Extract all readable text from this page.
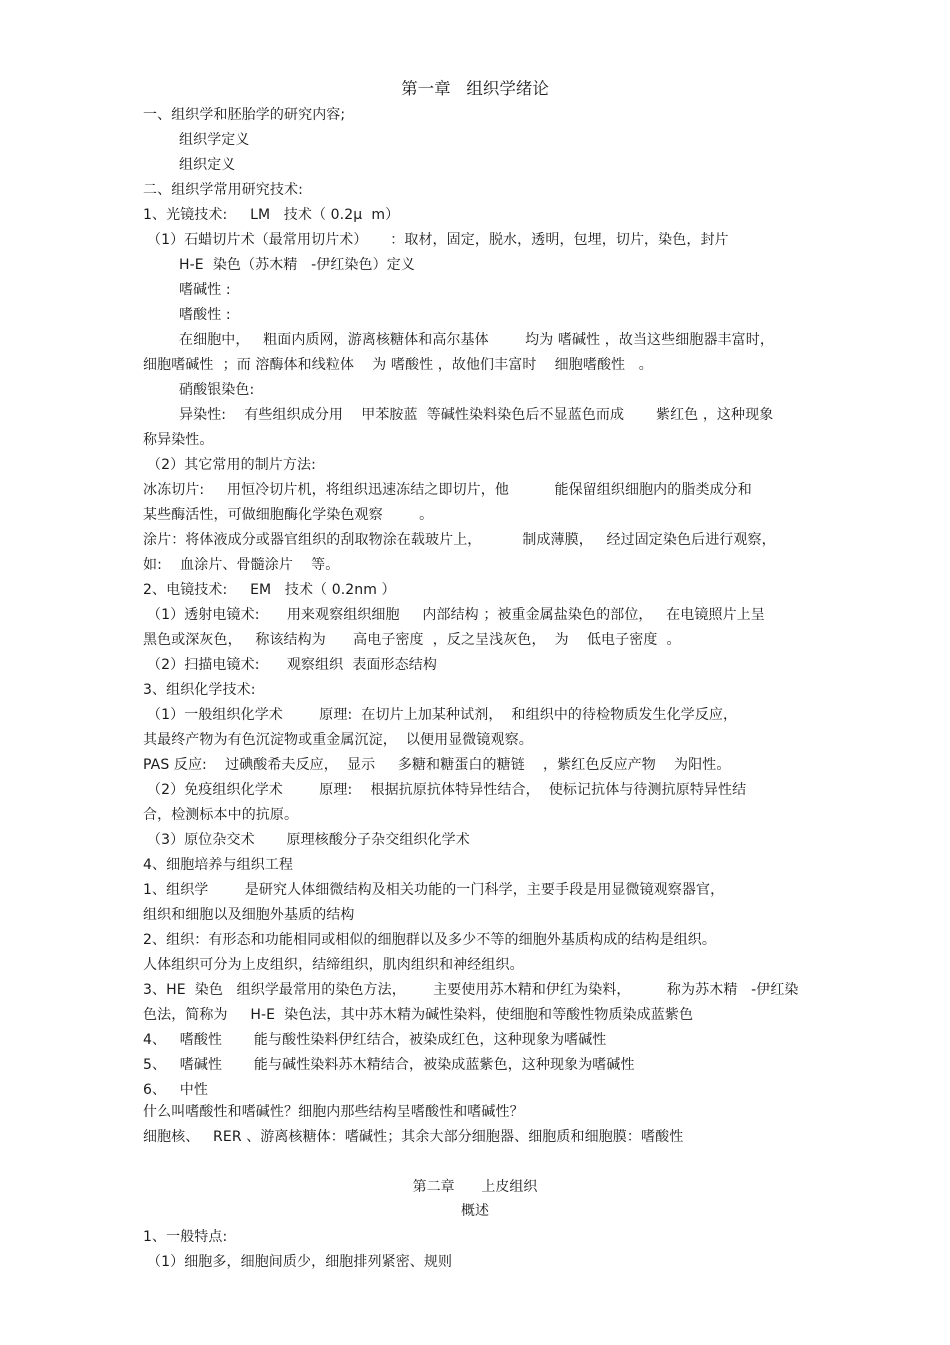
第一章   组织学绪论
一、组织学和胚胎学的研究内容;
组织学定义
组织定义
二、组织学常用研究技术:
1、光镜技术:     LM   技术（ 0.2μ  m）
（1）石蜡切片术（最常用切片术）     ：取材，固定，脱水，透明，包埋，切片，染色，封片
H-E  染色（苏木精   -伊红染色）定义
嗜碱性 :
嗜酸性 :
在细胞中，   粗面内质网，游离核糖体和高尔基体        均为 嗜碱性 ，故当这些细胞器丰富时，
细胞嗜碱性  ；而 溶酶体和线粒体    为 嗜酸性 ，故他们丰富时    细胞嗜酸性   。
硝酸银染色:
异染性:    有些组织成分用    甲苯胺蓝  等碱性染料染色后不显蓝色而成       紫红色 ，这种现象
称异染性。
（2）其它常用的制片方法:
冰冻切片:     用恒冷切片机，将组织迅速冻结之即切片，他          能保留组织细胞内的脂类成分和
某些酶活性，可做细胞酶化学染色观察        。
涂片：将体液成分或器官组织的刮取物涂在载玻片上，         制成薄膜，   经过固定染色后进行观察，
如:    血涂片、骨髓涂片    等。
2、电镜技术:     EM   技术（ 0.2nm ）
（1）透射电镜术:      用来观察组织细胞     内部结构 ；被重金属盐染色的部位，   在电镜照片上呈
黑色或深灰色，   称该结构为      高电子密度  ，反之呈浅灰色，  为    低电子密度  。
（2）扫描电镜术:      观察组织  表面形态结构
3、组织化学技术:
（1）一般组织化学术        原理:  在切片上加某种试剂，  和组织中的待检物质发生化学反应，
其最终产物为有色沉淀物或重金属沉淀，  以便用显微镜观察。
PAS 反应:    过碘酸希夫反应，  显示     多糖和糖蛋白的糖链    ，紫红色反应产物    为阳性。
（2）免疫组织化学术        原理:    根据抗原抗体特异性结合，  使标记抗体与待测抗原特异性结
合，检测标本中的抗原。
（3）原位杂交术       原理核酸分子杂交组织化学术
4、细胞培养与组织工程
1、组织学        是研究人体细微结构及相关功能的一门科学，主要手段是用显微镜观察器官，
组织和细胞以及细胞外基质的结构
2、组织：有形态和功能相同或相似的细胞群以及多少不等的细胞外基质构成的结构是组织。
人体组织可分为上皮组织，结缔组织，肌肉组织和神经组织。
3、HE  染色   组织学最常用的染色方法，      主要使用苏木精和伊红为染料，        称为苏木精   -伊红染
色法，简称为     H-E  染色法，其中苏木精为碱性染料，使细胞和等酸性物质染成蓝紫色
4、   嗜酸性       能与酸性染料伊红结合，被染成红色，这种现象为嗜碱性
5、   嗜碱性       能与碱性染料苏木精结合，被染成蓝紫色，这种现象为嗜碱性
6、   中性
什么叫嗜酸性和嗜碱性？细胞内那些结构呈嗜酸性和嗜碱性？
细胞核、   RER 、游离核糖体：嗜碱性；其余大部分细胞器、细胞质和细胞膜：嗜酸性
第二章      上皮组织
概述
1、一般特点:
（1）细胞多，细胞间质少，细胞排列紧密、规则
